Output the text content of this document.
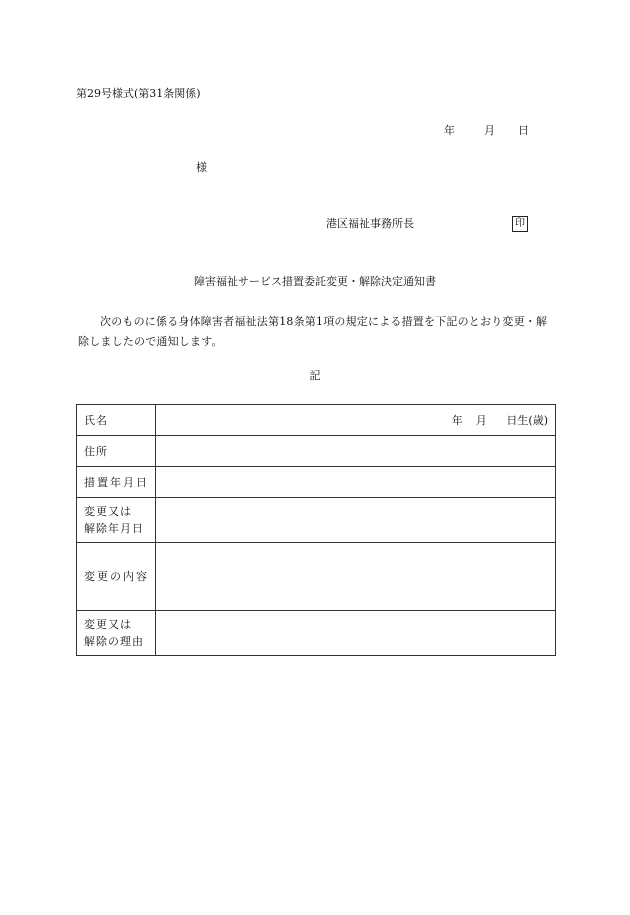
第29号様式(第31条関係)
年	月 日
様
港区福祉事務所長	印
障害福祉サービス措置委託変更・解除決定通知書
次のものに係る身体障害者福祉法第18条第1項の規定による措置を下記のとおり変更・解除しましたので通知します。
記
氏名	年 月 日生(歳)
住所	
措置年月日	

変更又は
解除年月日	

変更の内容	

変更又は
解除の理由	
